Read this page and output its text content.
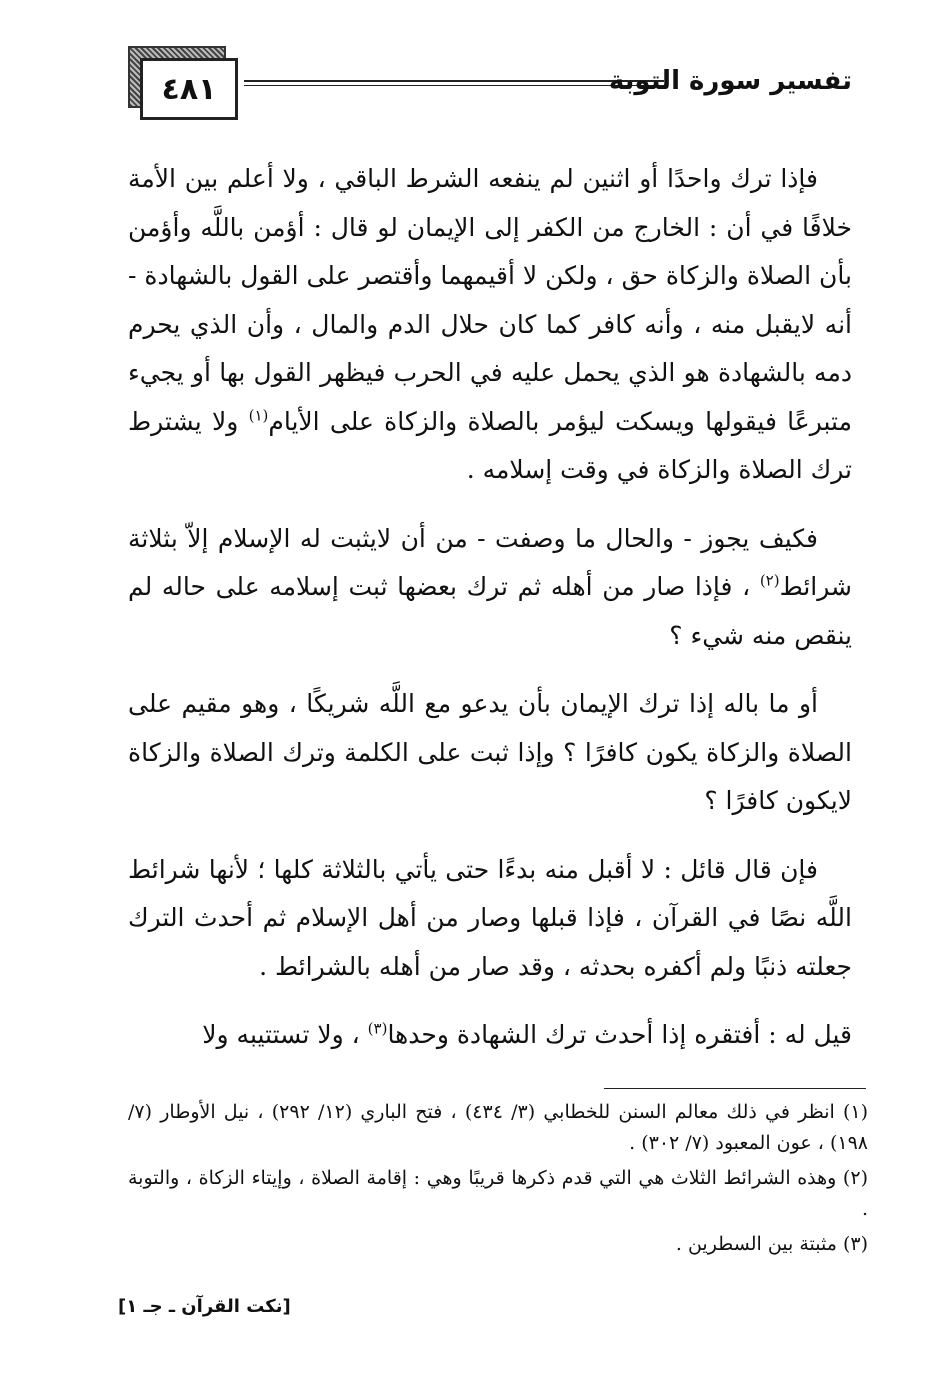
٤٨١	تفسير سورة التوبة

فإذا ترك واحدًا أو اثنين لم ينفعه الشرط الباقي ، ولا أعلم بين الأمة خلافًا في أن : الخارج من الكفر إلى الإيمان لو قال : أؤمن باللَّه وأؤمن بأن الصلاة والزكاة حق ، ولكن لا أقيمهما وأقتصر على القول بالشهادة - أنه لايقبل منه ، وأنه كافر كما كان حلال الدم والمال ، وأن الذي يحرم دمه بالشهادة هو الذي يحمل عليه في الحرب فيظهر القول بها أو يجيء متبرعًا فيقولها ويسكت ليؤمر بالصلاة والزكاة على الأيام$^{(١)}$ ولا يشترط ترك الصلاة والزكاة في وقت إسلامه .

فكيف يجوز - والحال ما وصفت - من أن لايثبت له الإسلام إلاّ بثلاثة شرائط$^{(٢)}$ ، فإذا صار من أهله ثم ترك بعضها ثبت إسلامه على حاله لم ينقص منه شيء ؟

أو ما باله إذا ترك الإيمان بأن يدعو مع اللَّه شريكًا ، وهو مقيم على الصلاة والزكاة يكون كافرًا ؟ وإذا ثبت على الكلمة وترك الصلاة والزكاة لايكون كافرًا ؟

فإن قال قائل : لا أقبل منه بدءًا حتى يأتي بالثلاثة كلها ؛ لأنها شرائط اللَّه نصًا في القرآن ، فإذا قبلها وصار من أهل الإسلام ثم أحدث الترك جعلته ذنبًا ولم أكفره بحدثه ، وقد صار من أهله بالشرائط .

قيل له : أفتقره إذا أحدث ترك الشهادة وحدها$^{(٣)}$ ، ولا تستتيبه ولا

(١) انظر في ذلك معالم السنن للخطابي (٣/ ٤٣٤) ، فتح الباري (١٢/ ٢٩٢) ، نيل الأوطار (٧/ ١٩٨) ، عون المعبود (٧/ ٣٠٢) .

(٢) وهذه الشرائط الثلاث هي التي قدم ذكرها قريبًا وهي : إقامة الصلاة ، وإيتاء الزكاة ، والتوبة .

(٣) مثبتة بين السطرين .

[نكت القرآن ـ جـ ١]
